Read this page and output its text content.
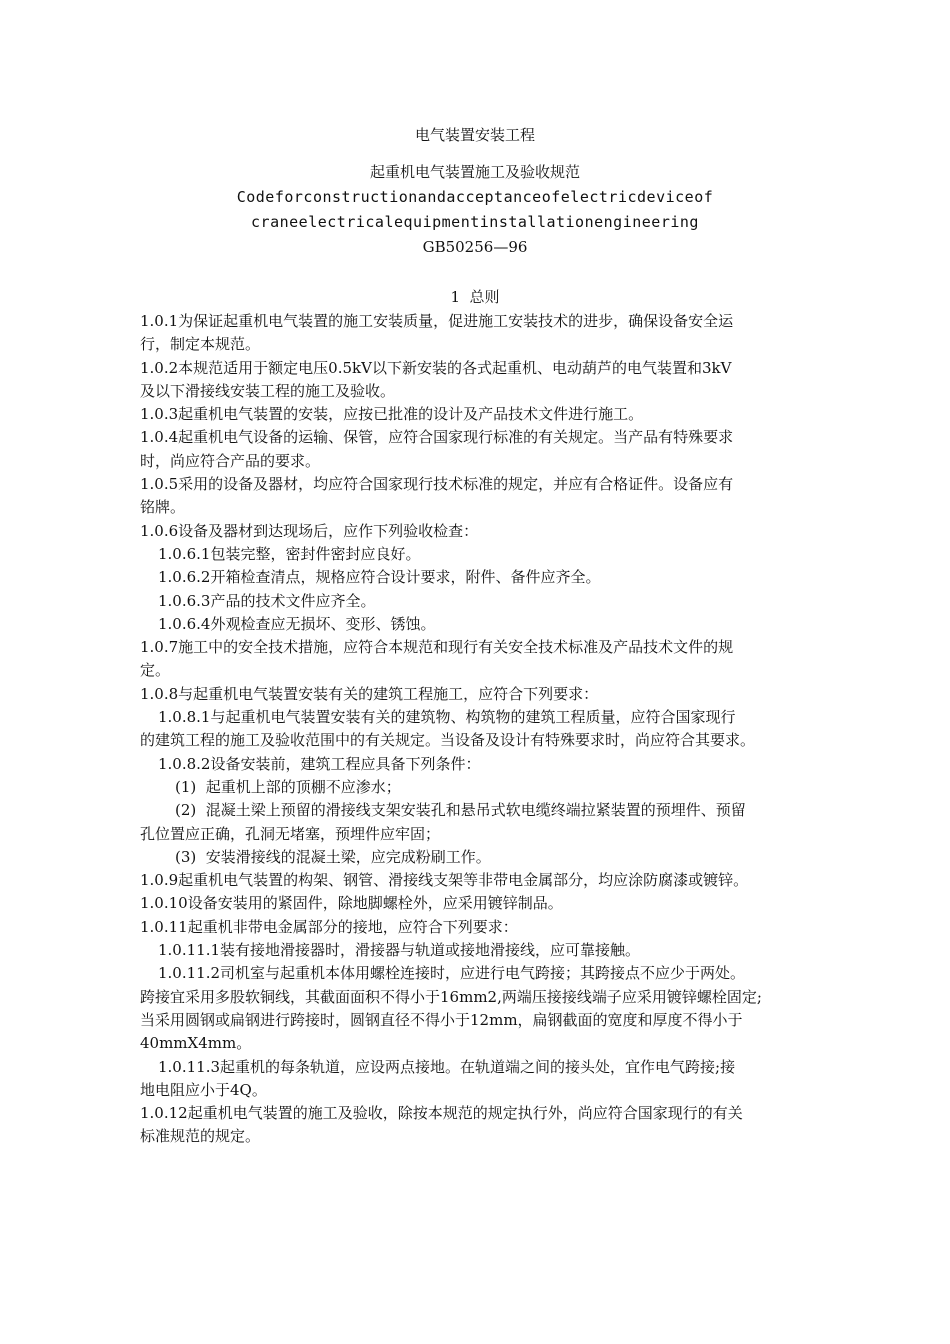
电气装置安装工程
起重机电气装置施工及验收规范
Codeforconstructionandacceptanceofelectricdeviceof
craneelectricalequipmentinstallationengineering
GB50256—96
1  总则
1.0.1为保证起重机电气装置的施工安装质量，促进施工安装技术的进步，确保设备安全运
行，制定本规范。
1.0.2本规范适用于额定电压0.5kV以下新安装的各式起重机、电动葫芦的电气装置和3kV
及以下滑接线安装工程的施工及验收。
1.0.3起重机电气装置的安装，应按已批准的设计及产品技术文件进行施工。
1.0.4起重机电气设备的运输、保管，应符合国家现行标准的有关规定。当产品有特殊要求
时，尚应符合产品的要求。
1.0.5采用的设备及器材，均应符合国家现行技术标准的规定，并应有合格证件。设备应有
铭牌。
1.0.6设备及器材到达现场后，应作下列验收检查：
1.0.6.1包装完整，密封件密封应良好。
1.0.6.2开箱检查清点，规格应符合设计要求，附件、备件应齐全。
1.0.6.3产品的技术文件应齐全。
1.0.6.4外观检查应无损坏、变形、锈蚀。
1.0.7施工中的安全技术措施，应符合本规范和现行有关安全技术标准及产品技术文件的规
定。
1.0.8与起重机电气装置安装有关的建筑工程施工，应符合下列要求：
1.0.8.1与起重机电气装置安装有关的建筑物、构筑物的建筑工程质量，应符合国家现行
的建筑工程的施工及验收范围中的有关规定。当设备及设计有特殊要求时，尚应符合其要求。
1.0.8.2设备安装前，建筑工程应具备下列条件：
(1)  起重机上部的顶棚不应渗水；
(2)  混凝土梁上预留的滑接线支架安装孔和悬吊式软电缆终端拉紧装置的预埋件、预留
孔位置应正确，孔洞无堵塞，预埋件应牢固；
(3)  安装滑接线的混凝土梁，应完成粉刷工作。
1.0.9起重机电气装置的构架、钢管、滑接线支架等非带电金属部分，均应涂防腐漆或镀锌。
1.0.10设备安装用的紧固件，除地脚螺栓外，应采用镀锌制品。
1.0.11起重机非带电金属部分的接地，应符合下列要求：
1.0.11.1装有接地滑接器时，滑接器与轨道或接地滑接线，应可靠接触。
1.0.11.2司机室与起重机本体用螺栓连接时，应进行电气跨接；其跨接点不应少于两处。
跨接宜采用多股软铜线，其截面面积不得小于16mm2,两端压接接线端子应采用镀锌螺栓固定;
当采用圆钢或扁钢进行跨接时，圆钢直径不得小于12mm，扁钢截面的宽度和厚度不得小于
40mmX4mm。
1.0.11.3起重机的每条轨道，应设两点接地。在轨道端之间的接头处，宜作电气跨接;接
地电阻应小于4Q。
1.0.12起重机电气装置的施工及验收，除按本规范的规定执行外，尚应符合国家现行的有关
标准规范的规定。
